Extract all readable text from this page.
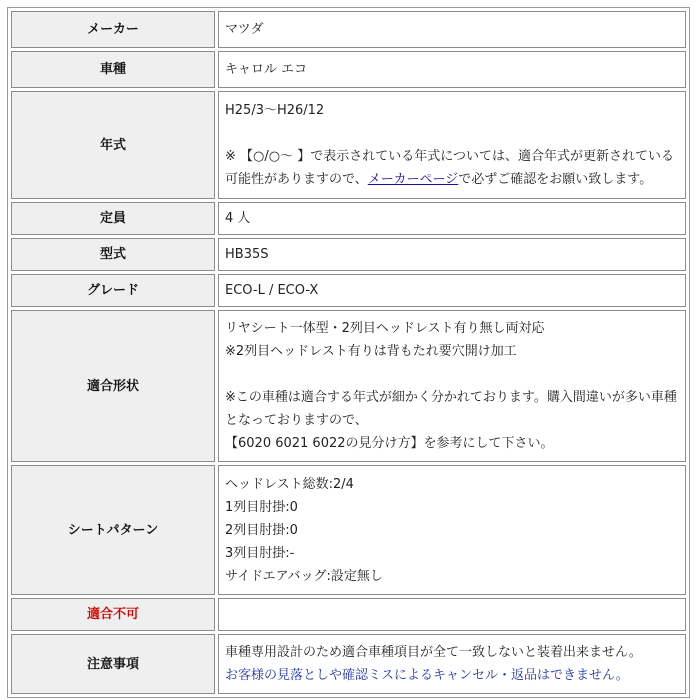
メーカー	マツダ
車種	キャロル エコ
年式	H25/3～H26/12
※ 【○/○～ 】で表示されている年式については、適合年式が更新されている可能性がありますので、メーカーページで必ずご確認をお願い致します。

定員	4 人
型式	HB35S
グレード	ECO-L / ECO-X
適合形状	リヤシート一体型・2列目ヘッドレスト有り無し両対応
※2列目ヘッドレスト有りは背もたれ要穴開け加工
※この車種は適合する年式が細かく分かれております。購入間違いが多い車種となっておりますので、
【6020 6021 6022の見分け方】を参考にして下さい。

シートパターン	ヘッドレスト総数:2/4
1列目肘掛:0
2列目肘掛:0
3列目肘掛:-
サイドエアバッグ:設定無し

適合不可	
注意事項	車種専用設計のため適合車種項目が全て一致しないと装着出来ません。
お客様の見落としや確認ミスによるキャンセル・返品はできません。
